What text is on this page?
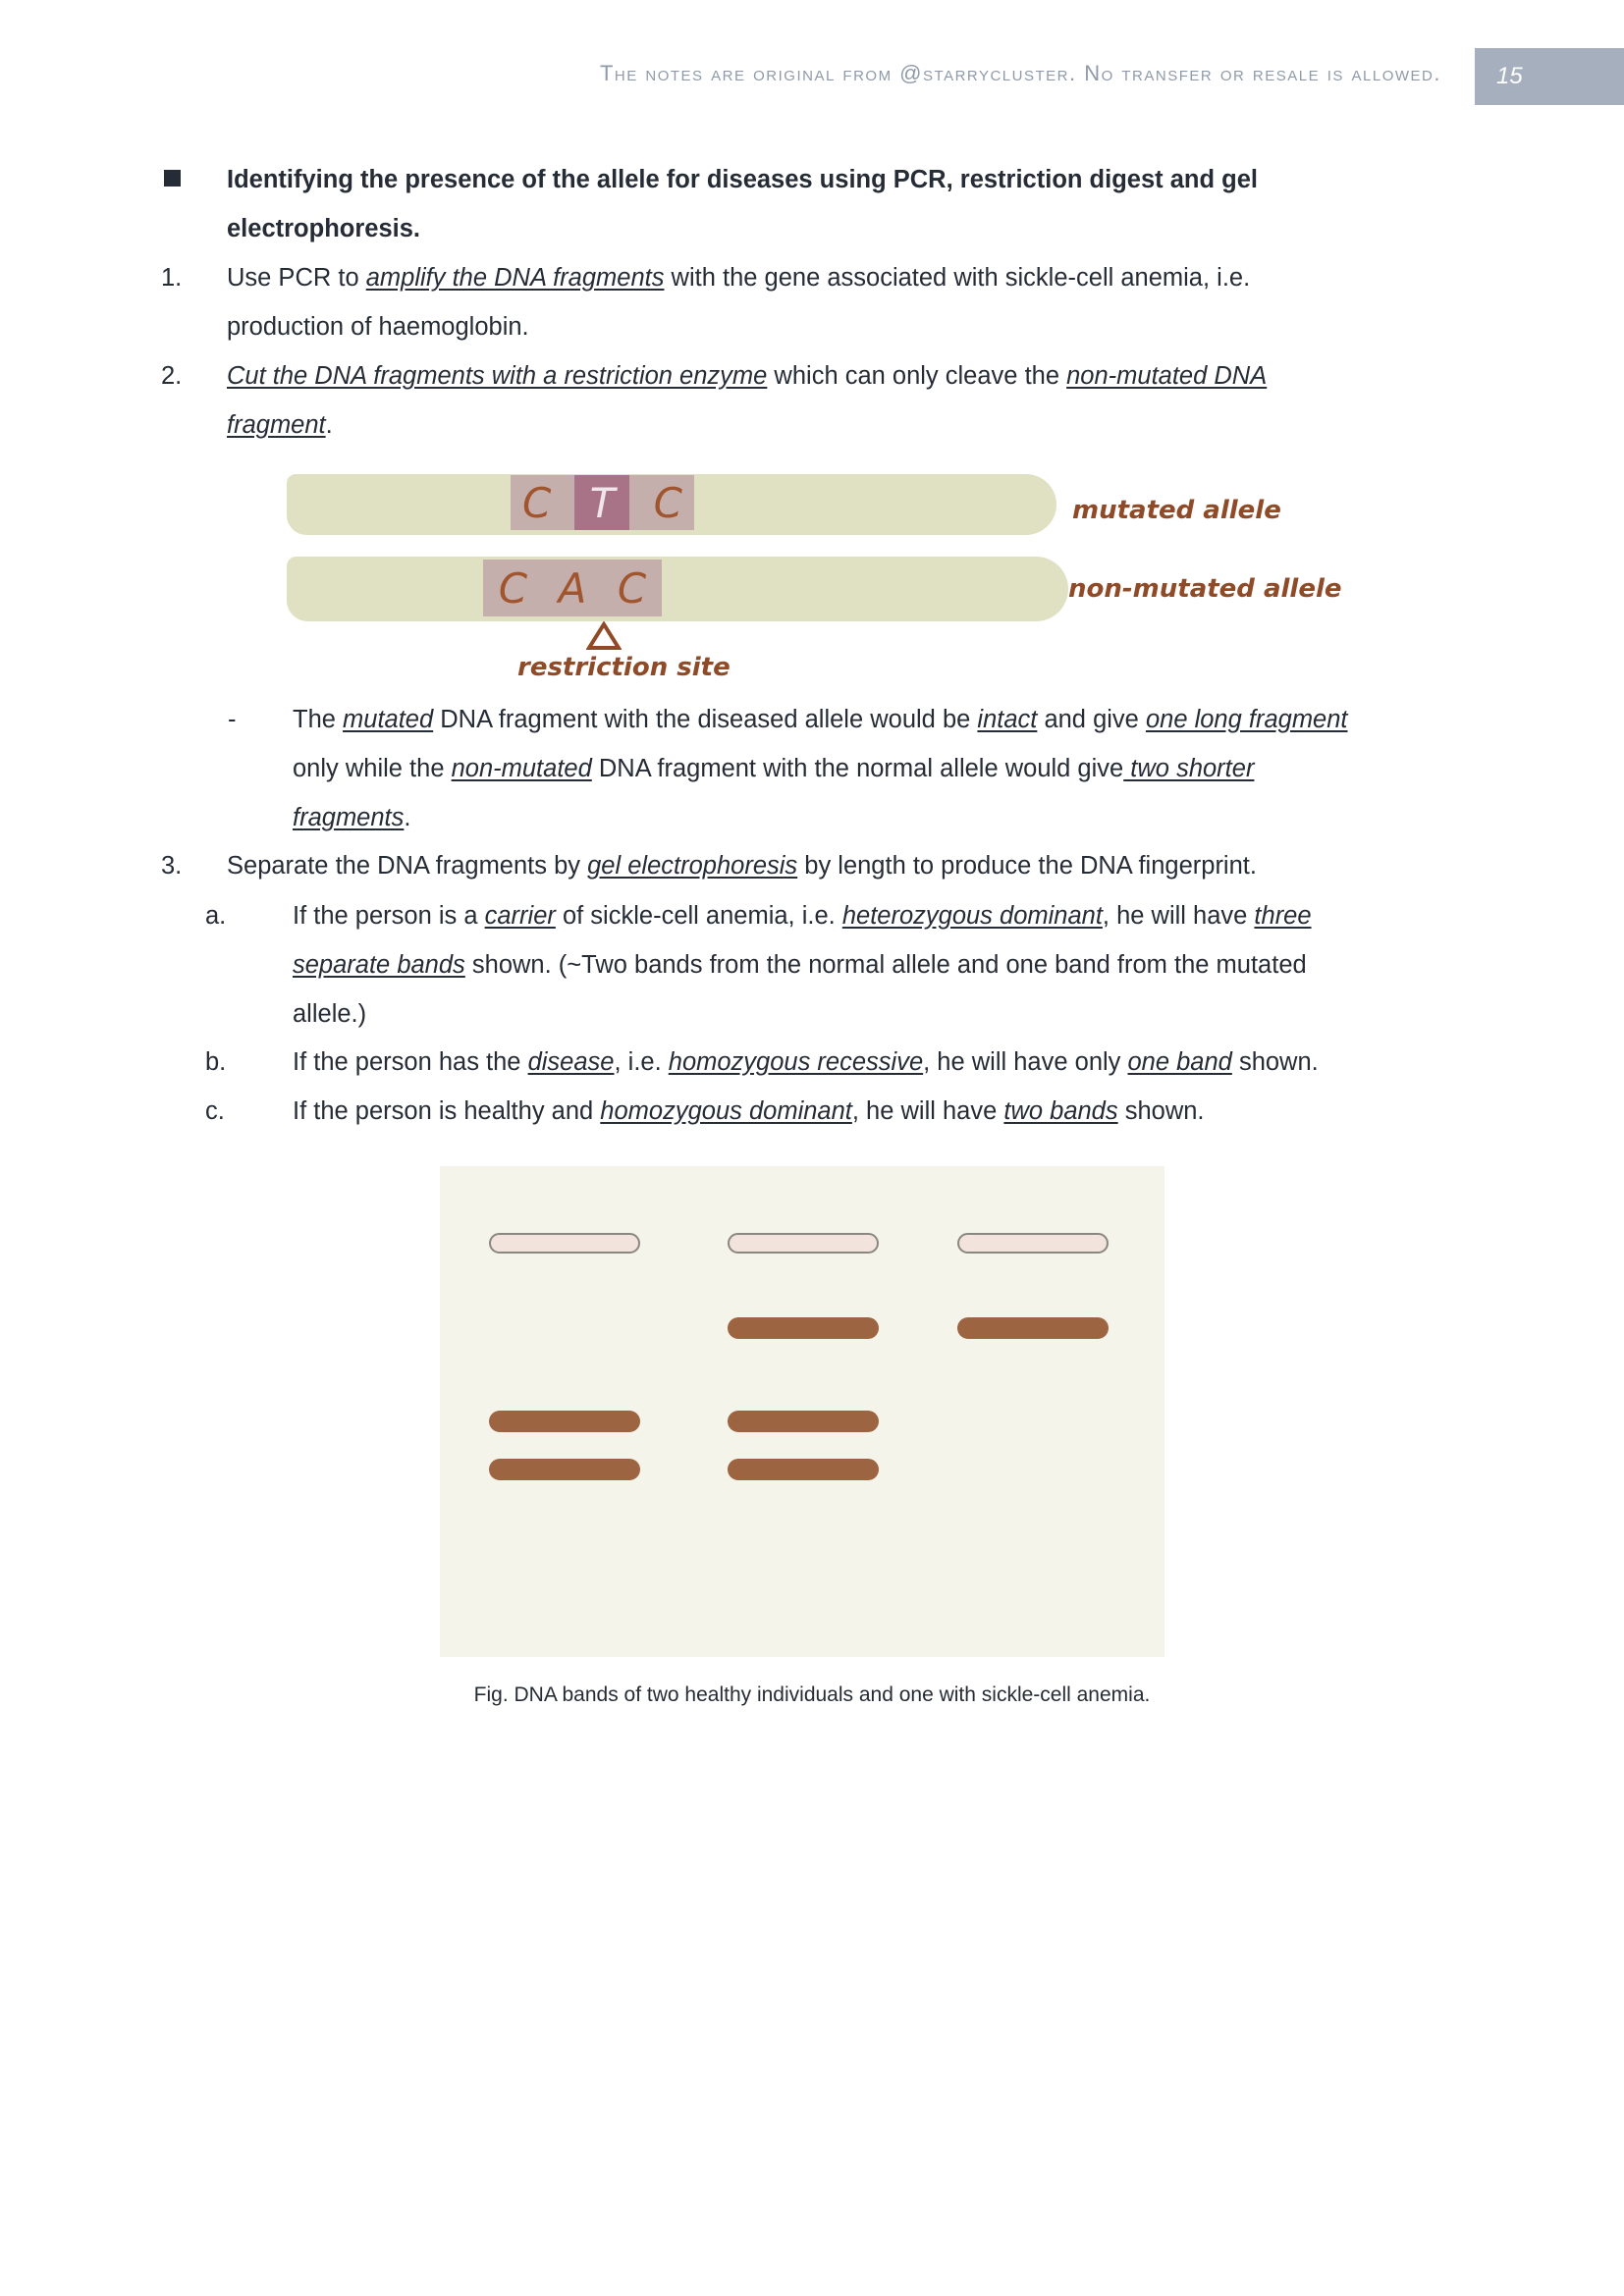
The notes are original from @starrycluster. No transfer or resale is allowed.	15
Identifying the presence of the allele for diseases using PCR, restriction digest and gel
electrophoresis.
1. Use PCR to amplify the DNA fragments with the gene associated with sickle-cell anemia, i.e.
production of haemoglobin.
2. Cut the DNA fragments with a restriction enzyme which can only cleave the non-mutated DNA
fragment.
- The mutated DNA fragment with the diseased allele would be intact and give one long fragment
only while the non-mutated DNA fragment with the normal allele would give two shorter
fragments.
3. Separate the DNA fragments by gel electrophoresis by length to produce the DNA fingerprint.
a.	If the person is a carrier of sickle-cell anemia, i.e. heterozygous dominant, he will have three
separate bands shown. (~Two bands from the normal allele and one band from the mutated
allele.)
b.	If the person has the disease, i.e. homozygous recessive, he will have only one band shown.
c.	If the person is healthy and homozygous dominant, he will have two bands shown.
C T C	mutated allele
C A C	non-mutated allele
restriction site
Fig. DNA bands of two healthy individuals and one with sickle-cell anemia.
